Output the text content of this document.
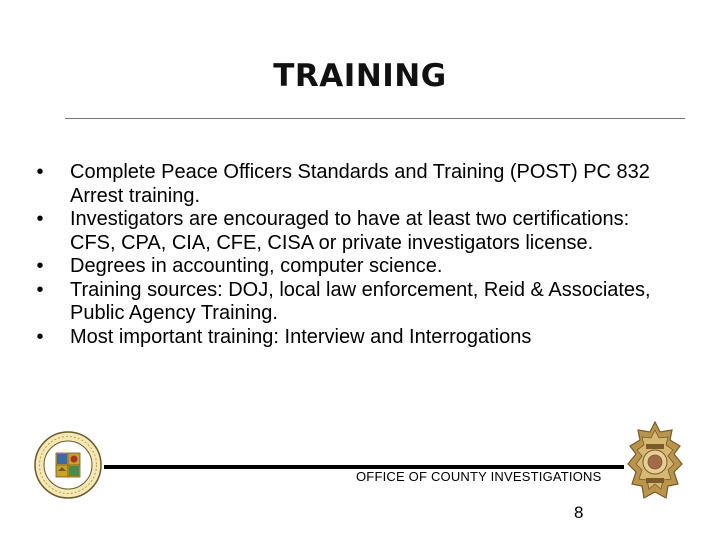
TRAINING
•	Complete Peace Officers Standards and Training (POST) PC 832 Arrest training.
•	Investigators are encouraged to have at least two certifications: CFS, CPA, CIA, CFE, CISA or private investigators license.
•	Degrees in accounting, computer science.
•	Training sources: DOJ, local law enforcement, Reid & Associates, Public Agency Training.
•	Most important training: Interview and Interrogations
OFFICE OF COUNTY INVESTIGATIONS
8
